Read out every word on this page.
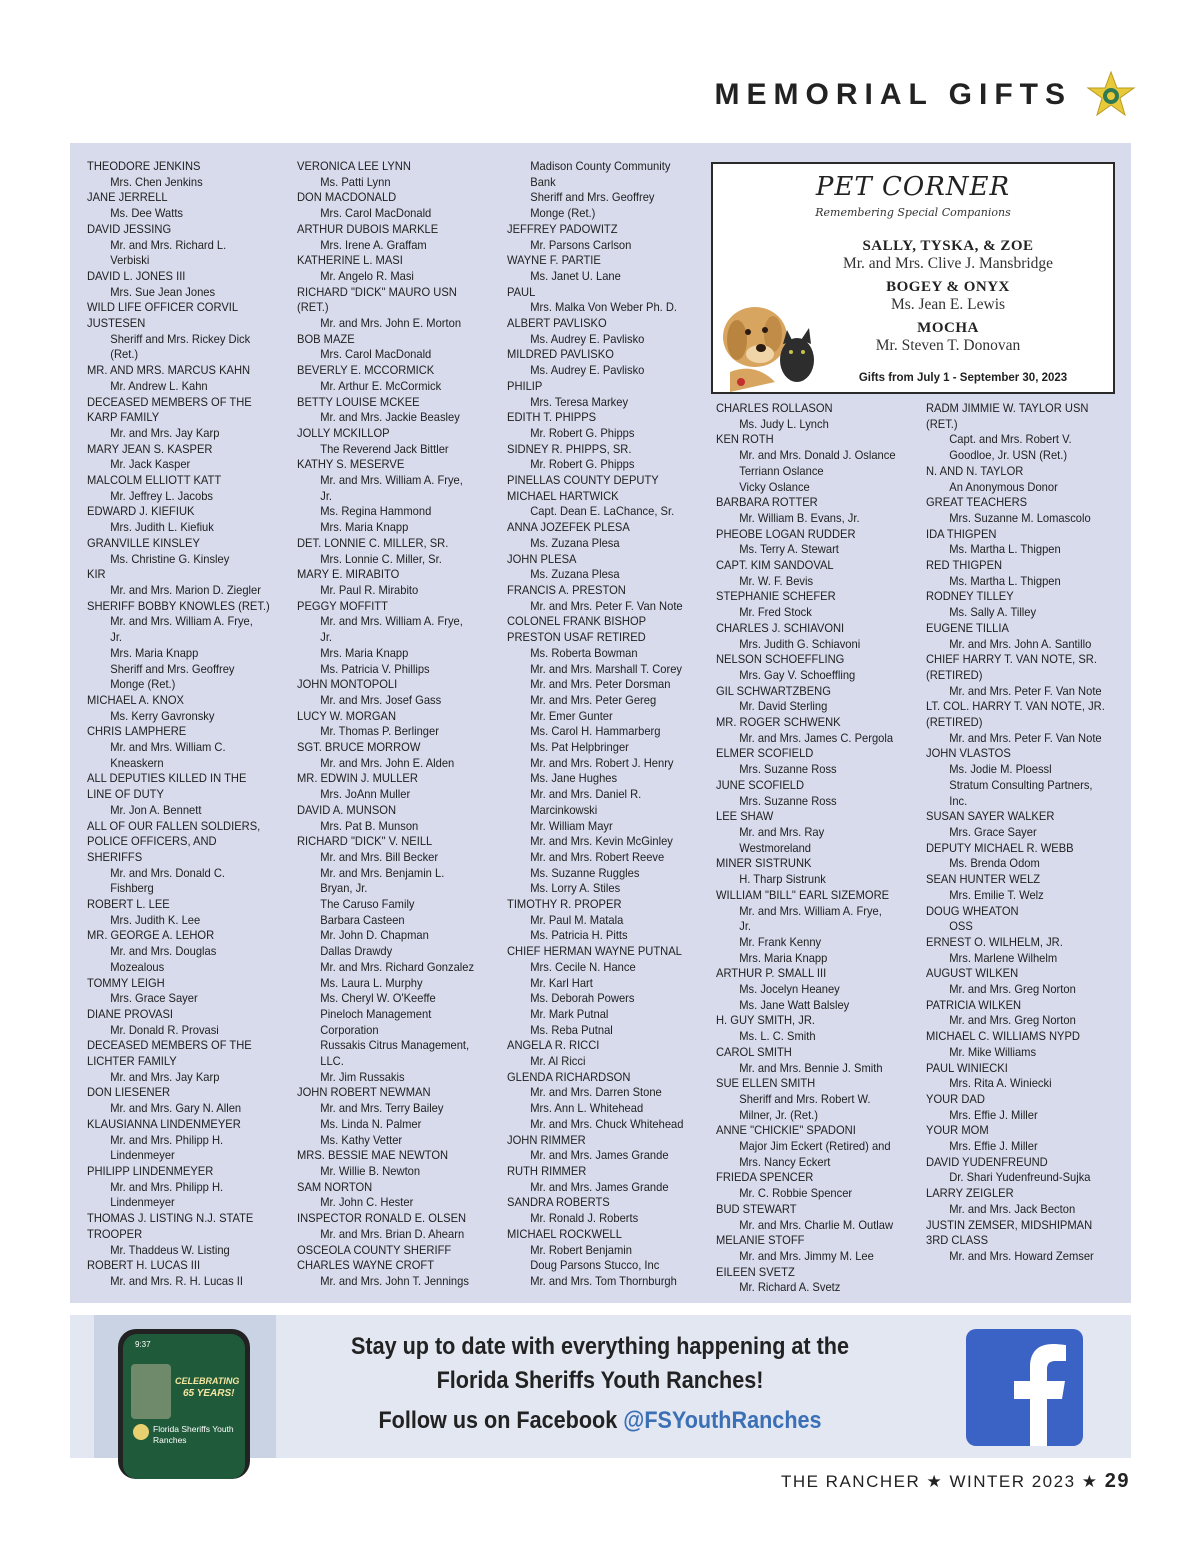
MEMORIAL GIFTS
THEODORE JENKINS
Mrs. Chen Jenkins
JANE JERRELL
Ms. Dee Watts
DAVID JESSING
Mr. and Mrs. Richard L.
Verbiski
DAVID L. JONES III
Mrs. Sue Jean Jones
WILD LIFE OFFICER CORVIL
JUSTESEN
Sheriff and Mrs. Rickey Dick
(Ret.)
MR. AND MRS. MARCUS KAHN
Mr. Andrew L. Kahn
DECEASED MEMBERS OF THE
KARP FAMILY
Mr. and Mrs. Jay Karp
MARY JEAN S. KASPER
Mr. Jack Kasper
MALCOLM ELLIOTT KATT
Mr. Jeffrey L. Jacobs
EDWARD J. KIEFIUK
Mrs. Judith L. Kiefiuk
GRANVILLE KINSLEY
Ms. Christine G. Kinsley
KIR
Mr. and Mrs. Marion D. Ziegler
SHERIFF BOBBY KNOWLES (RET.)
Mr. and Mrs. William A. Frye,
Jr.
Mrs. Maria Knapp
Sheriff and Mrs. Geoffrey
Monge (Ret.)
MICHAEL A. KNOX
Ms. Kerry Gavronsky
CHRIS LAMPHERE
Mr. and Mrs. William C.
Kneaskern
ALL DEPUTIES KILLED IN THE
LINE OF DUTY
Mr. Jon A. Bennett
ALL OF OUR FALLEN SOLDIERS,
POLICE OFFICERS, AND
SHERIFFS
Mr. and Mrs. Donald C.
Fishberg
ROBERT L. LEE
Mrs. Judith K. Lee
MR. GEORGE A. LEHOR
Mr. and Mrs. Douglas
Mozealous
TOMMY LEIGH
Mrs. Grace Sayer
DIANE PROVASI
Mr. Donald R. Provasi
DECEASED MEMBERS OF THE
LICHTER FAMILY
Mr. and Mrs. Jay Karp
DON LIESENER
Mr. and Mrs. Gary N. Allen
KLAUSIANNA LINDENMEYER
Mr. and Mrs. Philipp H.
Lindenmeyer
PHILIPP LINDENMEYER
Mr. and Mrs. Philipp H.
Lindenmeyer
THOMAS J. LISTING N.J. STATE
TROOPER
Mr. Thaddeus W. Listing
ROBERT H. LUCAS III
Mr. and Mrs. R. H. Lucas II
VERONICA LEE LYNN
Ms. Patti Lynn
DON MACDONALD
Mrs. Carol MacDonald
ARTHUR DUBOIS MARKLE
Mrs. Irene A. Graffam
KATHERINE L. MASI
Mr. Angelo R. Masi
RICHARD "DICK" MAURO USN
(RET.)
Mr. and Mrs. John E. Morton
BOB MAZE
Mrs. Carol MacDonald
BEVERLY E. MCCORMICK
Mr. Arthur E. McCormick
BETTY LOUISE MCKEE
Mr. and Mrs. Jackie Beasley
JOLLY MCKILLOP
The Reverend Jack Bittler
KATHY S. MESERVE
Mr. and Mrs. William A. Frye,
Jr.
Ms. Regina Hammond
Mrs. Maria Knapp
DET. LONNIE C. MILLER, SR.
Mrs. Lonnie C. Miller, Sr.
MARY E. MIRABITO
Mr. Paul R. Mirabito
PEGGY MOFFITT
Mr. and Mrs. William A. Frye,
Jr.
Mrs. Maria Knapp
Ms. Patricia V. Phillips
JOHN MONTOPOLI
Mr. and Mrs. Josef Gass
LUCY W. MORGAN
Mr. Thomas P. Berlinger
SGT. BRUCE MORROW
Mr. and Mrs. John E. Alden
MR. EDWIN J. MULLER
Mrs. JoAnn Muller
DAVID A. MUNSON
Mrs. Pat B. Munson
RICHARD "DICK" V. NEILL
Mr. and Mrs. Bill Becker
Mr. and Mrs. Benjamin L.
Bryan, Jr.
The Caruso Family
Barbara Casteen
Mr. John D. Chapman
Dallas Drawdy
Mr. and Mrs. Richard Gonzalez
Ms. Laura L. Murphy
Ms. Cheryl W. O'Keeffe
Pineloch Management
Corporation
Russakis Citrus Management,
LLC.
Mr. Jim Russakis
JOHN ROBERT NEWMAN
Mr. and Mrs. Terry Bailey
Ms. Linda N. Palmer
Ms. Kathy Vetter
MRS. BESSIE MAE NEWTON
Mr. Willie B. Newton
SAM NORTON
Mr. John C. Hester
INSPECTOR RONALD E. OLSEN
Mr. and Mrs. Brian D. Ahearn
OSCEOLA COUNTY SHERIFF
CHARLES WAYNE CROFT
Mr. and Mrs. John T. Jennings
Madison County Community
Bank
Sheriff and Mrs. Geoffrey
Monge (Ret.)
JEFFREY PADOWITZ
Mr. Parsons Carlson
WAYNE F. PARTIE
Ms. Janet U. Lane
PAUL
Mrs. Malka Von Weber Ph. D.
ALBERT PAVLISKO
Ms. Audrey E. Pavlisko
MILDRED PAVLISKO
Ms. Audrey E. Pavlisko
PHILIP
Mrs. Teresa Markey
EDITH T. PHIPPS
Mr. Robert G. Phipps
SIDNEY R. PHIPPS, SR.
Mr. Robert G. Phipps
PINELLAS COUNTY DEPUTY
MICHAEL HARTWICK
Capt. Dean E. LaChance, Sr.
ANNA JOZEFEK PLESA
Ms. Zuzana Plesa
JOHN PLESA
Ms. Zuzana Plesa
FRANCIS A. PRESTON
Mr. and Mrs. Peter F. Van Note
COLONEL FRANK BISHOP
PRESTON USAF RETIRED
Ms. Roberta Bowman
Mr. and Mrs. Marshall T. Corey
Mr. and Mrs. Peter Dorsman
Mr. and Mrs. Peter Gereg
Mr. Emer Gunter
Ms. Carol H. Hammarberg
Ms. Pat Helpbringer
Mr. and Mrs. Robert J. Henry
Ms. Jane Hughes
Mr. and Mrs. Daniel R.
Marcinkowski
Mr. William Mayr
Mr. and Mrs. Kevin McGinley
Mr. and Mrs. Robert Reeve
Ms. Suzanne Ruggles
Ms. Lorry A. Stiles
TIMOTHY R. PROPER
Mr. Paul M. Matala
Ms. Patricia H. Pitts
CHIEF HERMAN WAYNE PUTNAL
Mrs. Cecile N. Hance
Mr. Karl Hart
Ms. Deborah Powers
Mr. Mark Putnal
Ms. Reba Putnal
ANGELA R. RICCI
Mr. Al Ricci
GLENDA RICHARDSON
Mr. and Mrs. Darren Stone
Mrs. Ann L. Whitehead
Mr. and Mrs. Chuck Whitehead
JOHN RIMMER
Mr. and Mrs. James Grande
RUTH RIMMER
Mr. and Mrs. James Grande
SANDRA ROBERTS
Mr. Ronald J. Roberts
MICHAEL ROCKWELL
Mr. Robert Benjamin
Doug Parsons Stucco, Inc
Mr. and Mrs. Tom Thornburgh
PET CORNER
Remembering Special Companions
SALLY, TYSKA, & ZOE
Mr. and Mrs. Clive J. Mansbridge
BOGEY & ONYX
Ms. Jean E. Lewis
MOCHA
Mr. Steven T. Donovan
Gifts from July 1 - September 30, 2023
CHARLES ROLLASON
Ms. Judy L. Lynch
KEN ROTH
Mr. and Mrs. Donald J. Oslance
Terriann Oslance
Vicky Oslance
BARBARA ROTTER
Mr. William B. Evans, Jr.
PHEOBE LOGAN RUDDER
Ms. Terry A. Stewart
CAPT. KIM SANDOVAL
Mr. W. F. Bevis
STEPHANIE SCHEFER
Mr. Fred Stock
CHARLES J. SCHIAVONI
Mrs. Judith G. Schiavoni
NELSON SCHOEFFLING
Mrs. Gay V. Schoeffling
GIL SCHWARTZBENG
Mr. David Sterling
MR. ROGER SCHWENK
Mr. and Mrs. James C. Pergola
ELMER SCOFIELD
Mrs. Suzanne Ross
JUNE SCOFIELD
Mrs. Suzanne Ross
LEE SHAW
Mr. and Mrs. Ray
Westmoreland
MINER SISTRUNK
H. Tharp Sistrunk
WILLIAM "BILL" EARL SIZEMORE
Mr. and Mrs. William A. Frye,
Jr.
Mr. Frank Kenny
Mrs. Maria Knapp
ARTHUR P. SMALL III
Ms. Jocelyn Heaney
Ms. Jane Watt Balsley
H. GUY SMITH, JR.
Ms. L. C. Smith
CAROL SMITH
Mr. and Mrs. Bennie J. Smith
SUE ELLEN SMITH
Sheriff and Mrs. Robert W.
Milner, Jr. (Ret.)
ANNE "CHICKIE" SPADONI
Major Jim Eckert (Retired) and
Mrs. Nancy Eckert
FRIEDA SPENCER
Mr. C. Robbie Spencer
BUD STEWART
Mr. and Mrs. Charlie M. Outlaw
MELANIE STOFF
Mr. and Mrs. Jimmy M. Lee
EILEEN SVETZ
Mr. Richard A. Svetz
RADM JIMMIE W. TAYLOR USN
(RET.)
Capt. and Mrs. Robert V.
Goodloe, Jr. USN (Ret.)
N. AND N. TAYLOR
An Anonymous Donor
GREAT TEACHERS
Mrs. Suzanne M. Lomascolo
IDA THIGPEN
Ms. Martha L. Thigpen
RED THIGPEN
Ms. Martha L. Thigpen
RODNEY TILLEY
Ms. Sally A. Tilley
EUGENE TILLIA
Mr. and Mrs. John A. Santillo
CHIEF HARRY T. VAN NOTE, SR.
(RETIRED)
Mr. and Mrs. Peter F. Van Note
LT. COL. HARRY T. VAN NOTE, JR.
(RETIRED)
Mr. and Mrs. Peter F. Van Note
JOHN VLASTOS
Ms. Jodie M. Ploessl
Stratum Consulting Partners,
Inc.
SUSAN SAYER WALKER
Mrs. Grace Sayer
DEPUTY MICHAEL R. WEBB
Ms. Brenda Odom
SEAN HUNTER WELZ
Mrs. Emilie T. Welz
DOUG WHEATON
OSS
ERNEST O. WILHELM, JR.
Mrs. Marlene Wilhelm
AUGUST WILKEN
Mr. and Mrs. Greg Norton
PATRICIA WILKEN
Mr. and Mrs. Greg Norton
MICHAEL C. WILLIAMS NYPD
Mr. Mike Williams
PAUL WINIECKI
Mrs. Rita A. Winiecki
YOUR DAD
Mrs. Effie J. Miller
YOUR MOM
Mrs. Effie J. Miller
DAVID YUDENFREUND
Dr. Shari Yudenfreund-Sujka
LARRY ZEIGLER
Mr. and Mrs. Jack Becton
JUSTIN ZEMSER, MIDSHIPMAN
3RD CLASS
Mr. and Mrs. Howard Zemser
9:37
CELEBRATING
65 YEARS!
Florida Sheriffs Youth
Ranches
Stay up to date with everything happening at the
Florida Sheriffs Youth Ranches!
Follow us on Facebook @FSYouthRanches
THE RANCHER ★ WINTER 2023 ★ 29
